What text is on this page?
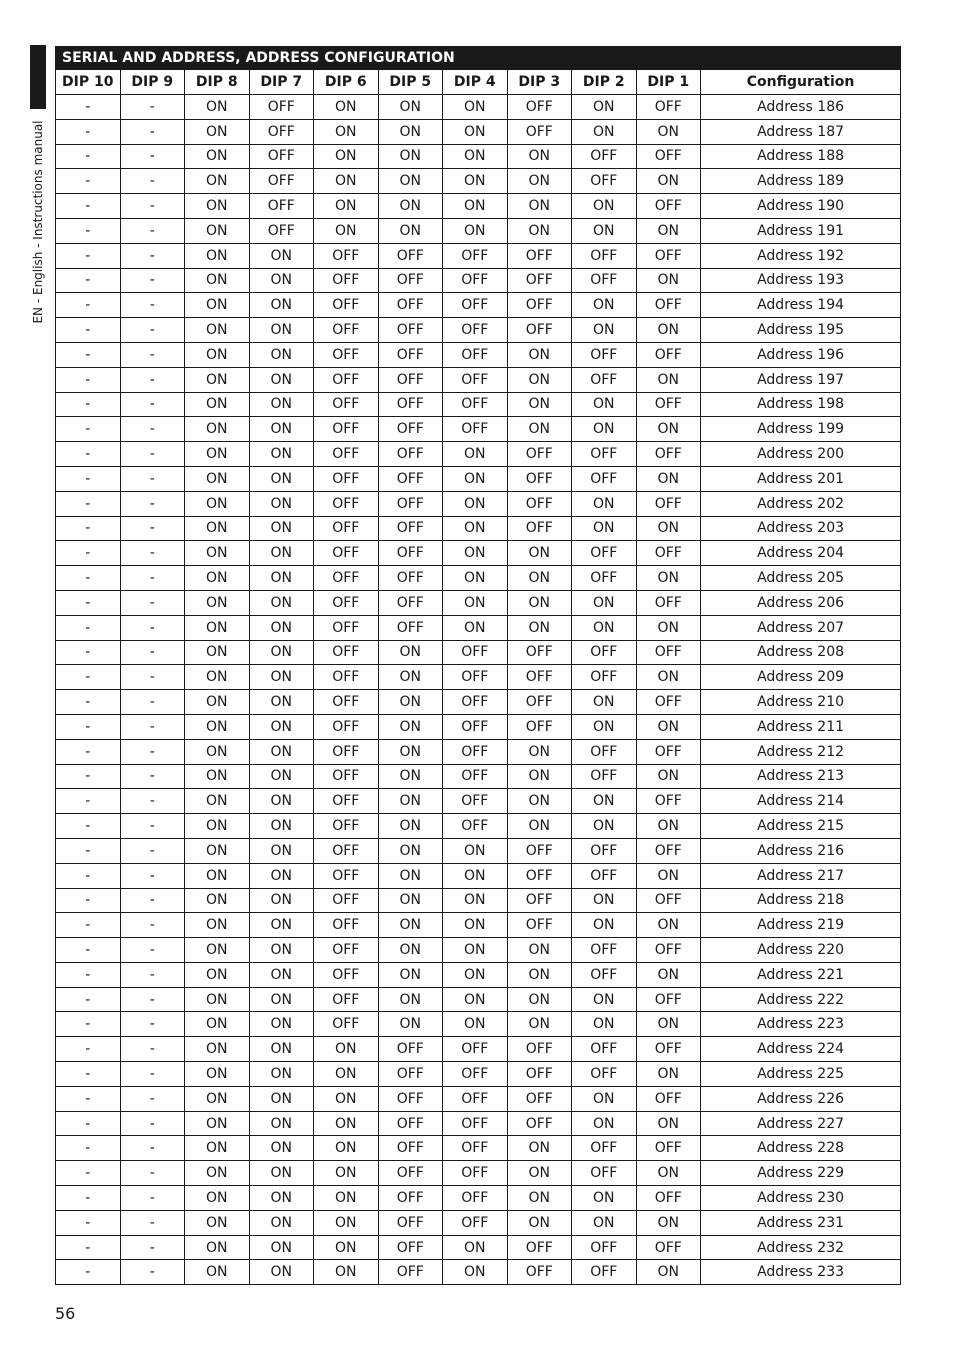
EN - English - Instructions manual
SERIAL AND ADDRESS, ADDRESS CONFIGURATION										
DIP 10	DIP 9	DIP 8	DIP 7	DIP 6	DIP 5	DIP 4	DIP 3	DIP 2	DIP 1	Configuration
-	-	ON	OFF	ON	ON	ON	OFF	ON	OFF	Address 186
-	-	ON	OFF	ON	ON	ON	OFF	ON	ON	Address 187
-	-	ON	OFF	ON	ON	ON	ON	OFF	OFF	Address 188
-	-	ON	OFF	ON	ON	ON	ON	OFF	ON	Address 189
-	-	ON	OFF	ON	ON	ON	ON	ON	OFF	Address 190
-	-	ON	OFF	ON	ON	ON	ON	ON	ON	Address 191
-	-	ON	ON	OFF	OFF	OFF	OFF	OFF	OFF	Address 192
-	-	ON	ON	OFF	OFF	OFF	OFF	OFF	ON	Address 193
-	-	ON	ON	OFF	OFF	OFF	OFF	ON	OFF	Address 194
-	-	ON	ON	OFF	OFF	OFF	OFF	ON	ON	Address 195
-	-	ON	ON	OFF	OFF	OFF	ON	OFF	OFF	Address 196
-	-	ON	ON	OFF	OFF	OFF	ON	OFF	ON	Address 197
-	-	ON	ON	OFF	OFF	OFF	ON	ON	OFF	Address 198
-	-	ON	ON	OFF	OFF	OFF	ON	ON	ON	Address 199
-	-	ON	ON	OFF	OFF	ON	OFF	OFF	OFF	Address 200
-	-	ON	ON	OFF	OFF	ON	OFF	OFF	ON	Address 201
-	-	ON	ON	OFF	OFF	ON	OFF	ON	OFF	Address 202
-	-	ON	ON	OFF	OFF	ON	OFF	ON	ON	Address 203
-	-	ON	ON	OFF	OFF	ON	ON	OFF	OFF	Address 204
-	-	ON	ON	OFF	OFF	ON	ON	OFF	ON	Address 205
-	-	ON	ON	OFF	OFF	ON	ON	ON	OFF	Address 206
-	-	ON	ON	OFF	OFF	ON	ON	ON	ON	Address 207
-	-	ON	ON	OFF	ON	OFF	OFF	OFF	OFF	Address 208
-	-	ON	ON	OFF	ON	OFF	OFF	OFF	ON	Address 209
-	-	ON	ON	OFF	ON	OFF	OFF	ON	OFF	Address 210
-	-	ON	ON	OFF	ON	OFF	OFF	ON	ON	Address 211
-	-	ON	ON	OFF	ON	OFF	ON	OFF	OFF	Address 212
-	-	ON	ON	OFF	ON	OFF	ON	OFF	ON	Address 213
-	-	ON	ON	OFF	ON	OFF	ON	ON	OFF	Address 214
-	-	ON	ON	OFF	ON	OFF	ON	ON	ON	Address 215
-	-	ON	ON	OFF	ON	ON	OFF	OFF	OFF	Address 216
-	-	ON	ON	OFF	ON	ON	OFF	OFF	ON	Address 217
-	-	ON	ON	OFF	ON	ON	OFF	ON	OFF	Address 218
-	-	ON	ON	OFF	ON	ON	OFF	ON	ON	Address 219
-	-	ON	ON	OFF	ON	ON	ON	OFF	OFF	Address 220
-	-	ON	ON	OFF	ON	ON	ON	OFF	ON	Address 221
-	-	ON	ON	OFF	ON	ON	ON	ON	OFF	Address 222
-	-	ON	ON	OFF	ON	ON	ON	ON	ON	Address 223
-	-	ON	ON	ON	OFF	OFF	OFF	OFF	OFF	Address 224
-	-	ON	ON	ON	OFF	OFF	OFF	OFF	ON	Address 225
-	-	ON	ON	ON	OFF	OFF	OFF	ON	OFF	Address 226
-	-	ON	ON	ON	OFF	OFF	OFF	ON	ON	Address 227
-	-	ON	ON	ON	OFF	OFF	ON	OFF	OFF	Address 228
-	-	ON	ON	ON	OFF	OFF	ON	OFF	ON	Address 229
-	-	ON	ON	ON	OFF	OFF	ON	ON	OFF	Address 230
-	-	ON	ON	ON	OFF	OFF	ON	ON	ON	Address 231
-	-	ON	ON	ON	OFF	ON	OFF	OFF	OFF	Address 232
-	-	ON	ON	ON	OFF	ON	OFF	OFF	ON	Address 233
56
